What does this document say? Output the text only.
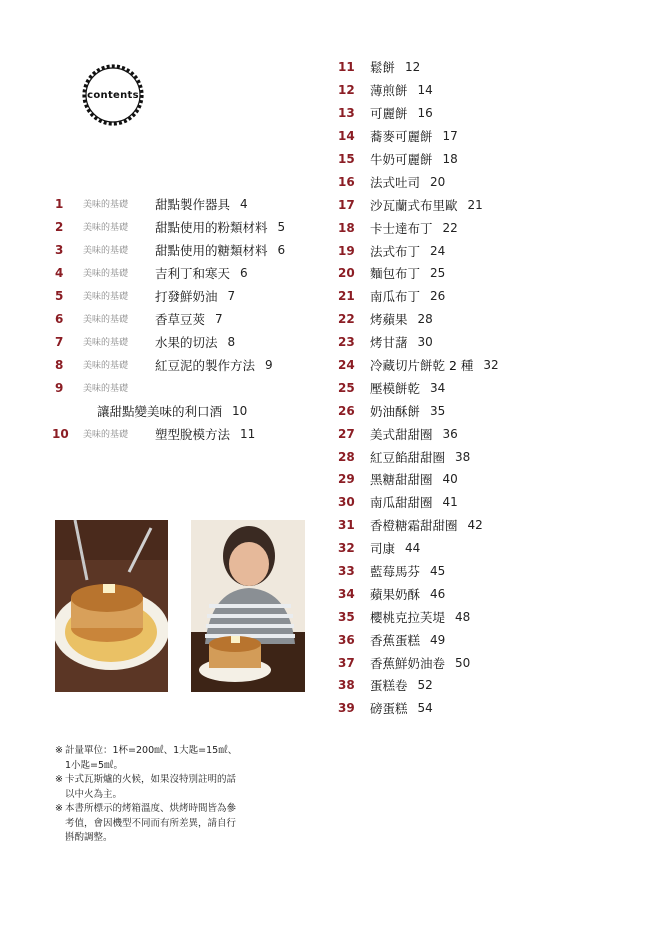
contents
1	美味的基礎	甜點製作器具 4
2	美味的基礎	甜點使用的粉類材料 5
3	美味的基礎	甜點使用的糖類材料 6
4	美味的基礎	吉利丁和寒天 6
5	美味的基礎	打發鮮奶油 7
6	美味的基礎	香草豆莢 7
7	美味的基礎	水果的切法 8
8	美味的基礎	紅豆泥的製作方法 9
9	美味的基礎
讓甜點變美味的利口酒 10
10	美味的基礎	塑型脫模方法 11
11	鬆餅 12
12	薄煎餅 14
13	可麗餅 16
14	蕎麥可麗餅 17
15	牛奶可麗餅 18
16	法式吐司 20
17	沙瓦蘭式布里歐 21
18	卡士達布丁 22
19	法式布丁 24
20	麵包布丁 25
21	南瓜布丁 26
22	烤蘋果 28
23	烤甘藷 30
24	冷藏切片餅乾 2 種 32
25	壓模餅乾 34
26	奶油酥餅 35
27	美式甜甜圈 36
28	紅豆餡甜甜圈 38
29	黑糖甜甜圈 40
30	南瓜甜甜圈 41
31	香橙糖霜甜甜圈 42
32	司康 44
33	藍莓馬芬 45
34	蘋果奶酥 46
35	櫻桃克拉芙堤 48
36	香蕉蛋糕 49
37	香蕉鮮奶油卷 50
38	蛋糕卷 52
39	磅蛋糕 54
※ 計量單位：1杯=200㎖、1大匙=15㎖、
1小匙=5㎖。
※ 卡式瓦斯爐的火候，如果沒特別註明的話
以中火為主。
※ 本書所標示的烤箱溫度、烘烤時間皆為參
考值，會因機型不同而有所差異，請自行
斟酌調整。
